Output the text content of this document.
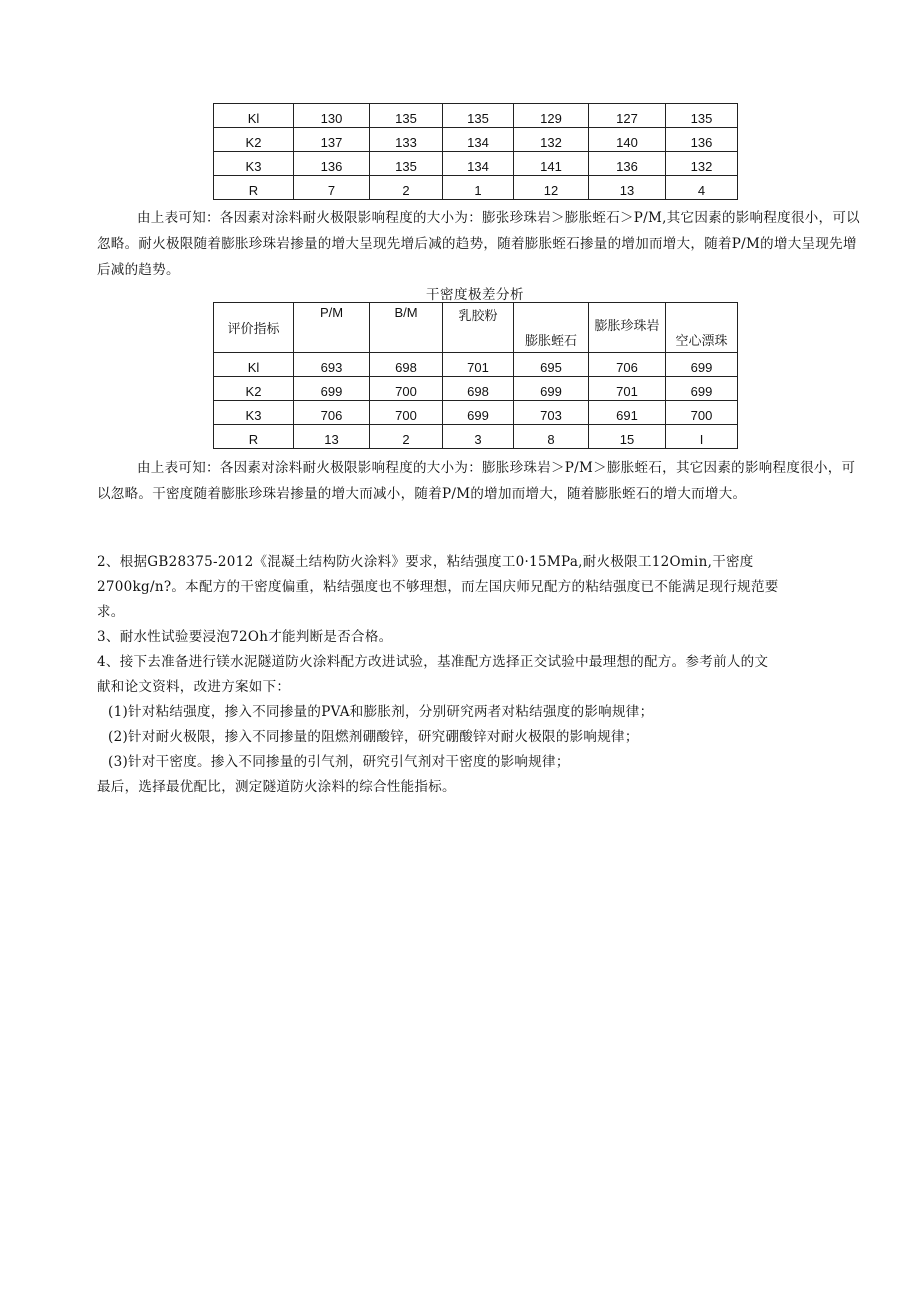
Kl	130	135	135	129	127	135
K2	137	133	134	132	140	136
K3	136	135	134	141	136	132
R	7	2	1	12	13	4

由上表可知：各因素对涂料耐火极限影响程度的大小为：膨张珍珠岩＞膨胀蛭石＞P/M,其它因素的影响程度很小，可以忽略。耐火极限随着膨胀珍珠岩掺量的增大呈现先增后减的趋势，随着膨胀蛭石掺量的增加而增大，随着P/M的增大呈现先增后减的趋势。

干密度极差分析
评价指标	P/M	B/M	乳胶粉	膨胀蛭石	膨胀珍珠岩	空心漂珠
Kl	693	698	701	695	706	699
K2	699	700	698	699	701	699
K3	706	700	699	703	691	700
R	13	2	3	8	15	I

由上表可知：各因素对涂料耐火极限影响程度的大小为：膨胀珍珠岩＞P/M＞膨胀蛭石，其它因素的影响程度很小，可以忽略。干密度随着膨胀珍珠岩掺量的增大而减小，随着P/M的增加而增大，随着膨胀蛭石的增大而增大。

2、根据GB28375-2012《混凝土结构防火涂料》要求，粘结强度工0·15MPa,耐火极限工12Omin,干密度

2700kg/n?。本配方的干密度偏重，粘结强度也不够理想，而左国庆师兄配方的粘结强度已不能满足现行规范要

求。

3、耐水性试验要浸泡72Oh才能判断是否合格。

4、接下去准备进行镁水泥隧道防火涂料配方改进试验，基准配方选择正交试验中最理想的配方。参考前人的文

献和论文资料，改进方案如下：

(1)针对粘结强度，掺入不同掺量的PVA和膨胀剂，分别研究两者对粘结强度的影响规律；

(2)针对耐火极限，掺入不同掺量的阻燃剂硼酸锌，研究硼酸锌对耐火极限的影响规律；

(3)针对干密度。掺入不同掺量的引气剂，研究引气剂对干密度的影响规律；

最后，选择最优配比，测定隧道防火涂料的综合性能指标。
